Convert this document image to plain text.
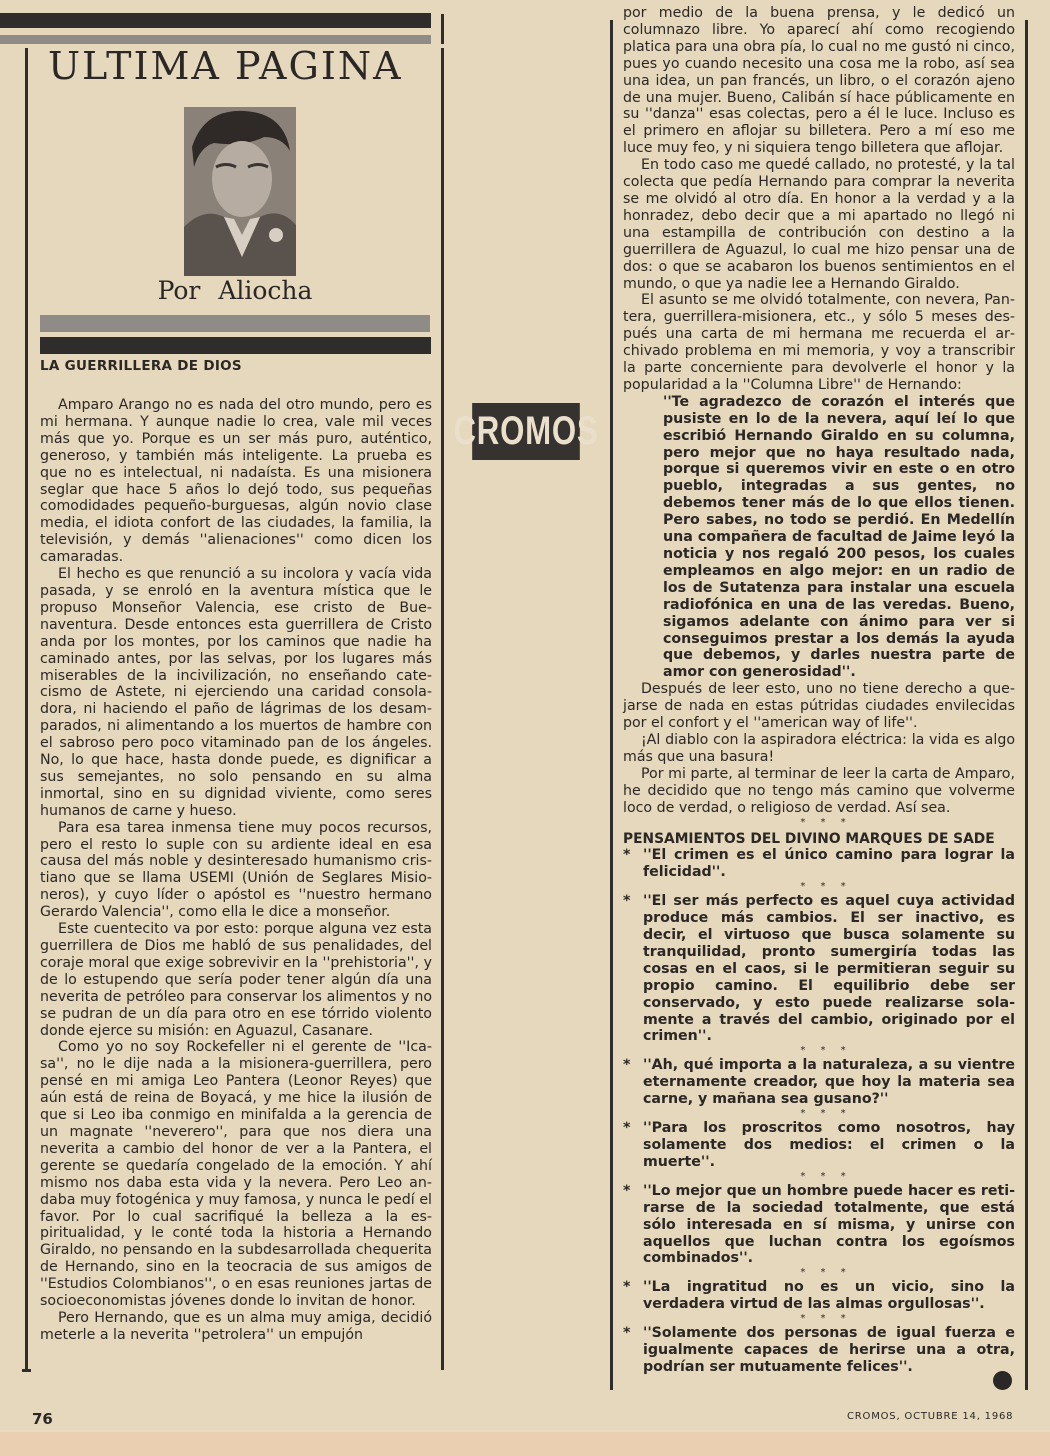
ULTIMA PAGINA
Por Aliocha
LA GUERRILLERA DE DIOS

Amparo Arango no es nada del otro mundo, pero es mi hermana. Y aunque nadie lo crea, vale mil veces más que yo. Porque es un ser más puro, auténtico, generoso, y también más inteligente. La prueba es que no es intelectual, ni nadaísta. Es una misionera seglar que hace 5 años lo dejó todo, sus pequeñas comodidades pequeño-burguesas, algún novio clase media, el idiota confort de las ciudades, la familia, la televisión, y demás ''alienaciones'' como dicen los camaradas.

El hecho es que renunció a su incolora y vacía vida pasada, y se enroló en la aventura mística que le propuso Monseñor Valencia, ese cristo de Buenaventura. Desde entonces esta guerrillera de Cristo anda por los montes, por los caminos que nadie ha caminado antes, por las selvas, por los lugares más miserables de la incivilización, no enseñando catecismo de Astete, ni ejerciendo una caridad consoladora, ni haciendo el paño de lágrimas de los desamparados, ni alimentando a los muertos de hambre con el sabroso pero poco vitaminado pan de los ángeles. No, lo que hace, hasta donde puede, es dignificar a sus semejantes, no solo pensando en su alma inmortal, sino en su dignidad viviente, como seres humanos de carne y hueso.

Para esa tarea inmensa tiene muy pocos recursos, pero el resto lo suple con su ardiente ideal en esa causa del más noble y desinteresado humanismo cristiano que se llama USEMI (Unión de Seglares Misioneros), y cuyo líder o apóstol es ''nuestro hermano Gerardo Valencia'', como ella le dice a monseñor.

Este cuentecito va por esto: porque alguna vez esta guerrillera de Dios me habló de sus penalidades, del coraje moral que exige sobrevivir en la ''prehistoria'', y de lo estupendo que sería poder tener algún día una neverita de petróleo para conservar los alimentos y no se pudran de un día para otro en ese tórrido violento donde ejerce su misión: en Aguazul, Casanare.

Como yo no soy Rockefeller ni el gerente de ''Icasa'', no le dije nada a la misionera-guerrillera, pero pensé en mi amiga Leo Pantera (Leonor Reyes) que aún está de reina de Boyacá, y me hice la ilusión de que si Leo iba conmigo en minifalda a la gerencia de un magnate ''neverero'', para que nos diera una neverita a cambio del honor de ver a la Pantera, el gerente se quedaría congelado de la emoción. Y ahí mismo nos daba esta vida y la nevera. Pero Leo andaba muy fotogénica y muy famosa, y nunca le pedí el favor. Por lo cual sacrifiqué la belleza a la espiritualidad, y le conté toda la historia a Hernando Giraldo, no pensando en la subdesarrollada chequerita de Hernando, sino en la teocracia de sus amigos de ''Estudios Colombianos'', o en esas reuniones jartas de socioeconomistas jóvenes donde lo invitan de honor.

Pero Hernando, que es un alma muy amiga, decidió meterle a la neverita ''petrolera'' un empujón

CROMOS

por medio de la buena prensa, y le dedicó un columnazo libre. Yo aparecí ahí como recogiendo platica para una obra pía, lo cual no me gustó ni cinco, pues yo cuando necesito una cosa me la robo, así sea una idea, un pan francés, un libro, o el corazón ajeno de una mujer. Bueno, Calibán sí hace públicamente en su ''danza'' esas colectas, pero a él le luce. Incluso es el primero en aflojar su billetera. Pero a mí eso me luce muy feo, y ni siquiera tengo billetera que aflojar.

En todo caso me quedé callado, no protesté, y la tal colecta que pedía Hernando para comprar la neverita se me olvidó al otro día. En honor a la verdad y a la honradez, debo decir que a mi apartado no llegó ni una estampilla de contribución con destino a la guerrillera de Aguazul, lo cual me hizo pensar una de dos: o que se acabaron los buenos sentimientos en el mundo, o que ya nadie lee a Hernando Giraldo.

El asunto se me olvidó totalmente, con nevera, Pantera, guerrillera-misionera, etc., y sólo 5 meses después una carta de mi hermana me recuerda el archivado problema en mi memoria, y voy a transcribir la parte concerniente para devolverle el honor y la popularidad a la ''Columna Libre'' de Hernando:

''Te agradezco de corazón el interés que pusiste en lo de la nevera, aquí leí lo que escribió Hernando Giraldo en su columna, pero mejor que no haya resultado nada, porque si queremos vivir en este o en otro pueblo, integradas a sus gentes, no debemos tener más de lo que ellos tienen. Pero sabes, no todo se perdió. En Medellín una compañera de facultad de Jaime leyó la noticia y nos regaló 200 pesos, los cuales empleamos en algo mejor: en un radio de los de Sutatenza para instalar una escuela radiofónica en una de las veredas. Bueno, sigamos adelante con ánimo para ver si conseguimos prestar a los demás la ayuda que debemos, y darles nuestra parte de amor con generosidad''.

Después de leer esto, uno no tiene derecho a quejarse de nada en estas pútridas ciudades envilecidas por el confort y el ''american way of life''.

¡Al diablo con la aspiradora eléctrica: la vida es algo más que una basura!

Por mi parte, al terminar de leer la carta de Amparo, he decidido que no tengo más camino que volverme loco de verdad, o religioso de verdad. Así sea.

* * *

PENSAMIENTOS DEL DIVINO MARQUES DE SADE

* ''El crimen es el único camino para lograr la felicidad''.

* * *

* ''El ser más perfecto es aquel cuya actividad produce más cambios. El ser inactivo, es decir, el virtuoso que busca solamente su tranquilidad, pronto sumergiría todas las cosas en el caos, si le permitieran seguir su propio camino. El equilibrio debe ser conservado, y esto puede realizarse solamente a través del cambio, originado por el crimen''.

* * *

* ''Ah, qué importa a la naturaleza, a su vientre eternamente creador, que hoy la materia sea carne, y mañana sea gusano?''

* * *

* ''Para los proscritos como nosotros, hay solamente dos medios: el crimen o la muerte''.

* * *

* ''Lo mejor que un hombre puede hacer es retirarse de la sociedad totalmente, que está sólo interesada en sí misma, y unirse con aquellos que luchan contra los egoísmos combinados''.

* * *

* ''La ingratitud no es un vicio, sino la verdadera virtud de las almas orgullosas''.

* * *

* ''Solamente dos personas de igual fuerza e igualmente capaces de herirse una a otra, podrían ser mutuamente felices''.

76	CROMOS, OCTUBRE 14, 1968
